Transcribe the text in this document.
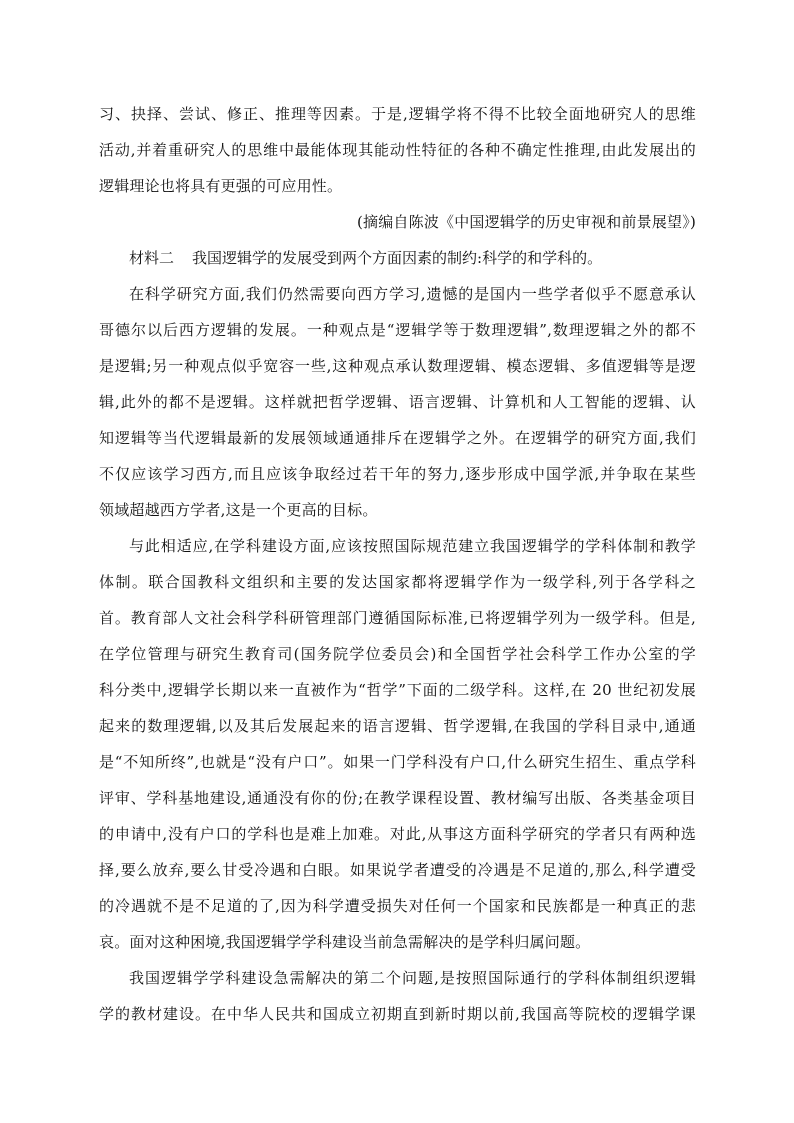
习、抉择、尝试、修正、推理等因素。于是,逻辑学将不得不比较全面地研究人的思维
活动,并着重研究人的思维中最能体现其能动性特征的各种不确定性推理,由此发展出的
逻辑理论也将具有更强的可应用性。
(摘编自陈波《中国逻辑学的历史审视和前景展望》)
材料二 我国逻辑学的发展受到两个方面因素的制约:科学的和学科的。
在科学研究方面,我们仍然需要向西方学习,遗憾的是国内一些学者似乎不愿意承认
哥德尔以后西方逻辑的发展。一种观点是“逻辑学等于数理逻辑”,数理逻辑之外的都不
是逻辑;另一种观点似乎宽容一些,这种观点承认数理逻辑、模态逻辑、多值逻辑等是逻
辑,此外的都不是逻辑。这样就把哲学逻辑、语言逻辑、计算机和人工智能的逻辑、认
知逻辑等当代逻辑最新的发展领域通通排斥在逻辑学之外。在逻辑学的研究方面,我们
不仅应该学习西方,而且应该争取经过若干年的努力,逐步形成中国学派,并争取在某些
领域超越西方学者,这是一个更高的目标。
与此相适应,在学科建设方面,应该按照国际规范建立我国逻辑学的学科体制和教学
体制。联合国教科文组织和主要的发达国家都将逻辑学作为一级学科,列于各学科之
首。教育部人文社会科学科研管理部门遵循国际标准,已将逻辑学列为一级学科。但是,
在学位管理与研究生教育司(国务院学位委员会)和全国哲学社会科学工作办公室的学
科分类中,逻辑学长期以来一直被作为“哲学”下面的二级学科。这样,在 20 世纪初发展
起来的数理逻辑,以及其后发展起来的语言逻辑、哲学逻辑,在我国的学科目录中,通通
是“不知所终”,也就是“没有户口”。如果一门学科没有户口,什么研究生招生、重点学科
评审、学科基地建设,通通没有你的份;在教学课程设置、教材编写出版、各类基金项目
的申请中,没有户口的学科也是难上加难。对此,从事这方面科学研究的学者只有两种选
择,要么放弃,要么甘受冷遇和白眼。如果说学者遭受的冷遇是不足道的,那么,科学遭受
的冷遇就不是不足道的了,因为科学遭受损失对任何一个国家和民族都是一种真正的悲
哀。面对这种困境,我国逻辑学学科建设当前急需解决的是学科归属问题。
我国逻辑学学科建设急需解决的第二个问题,是按照国际通行的学科体制组织逻辑
学的教材建设。在中华人民共和国成立初期直到新时期以前,我国高等院校的逻辑学课
